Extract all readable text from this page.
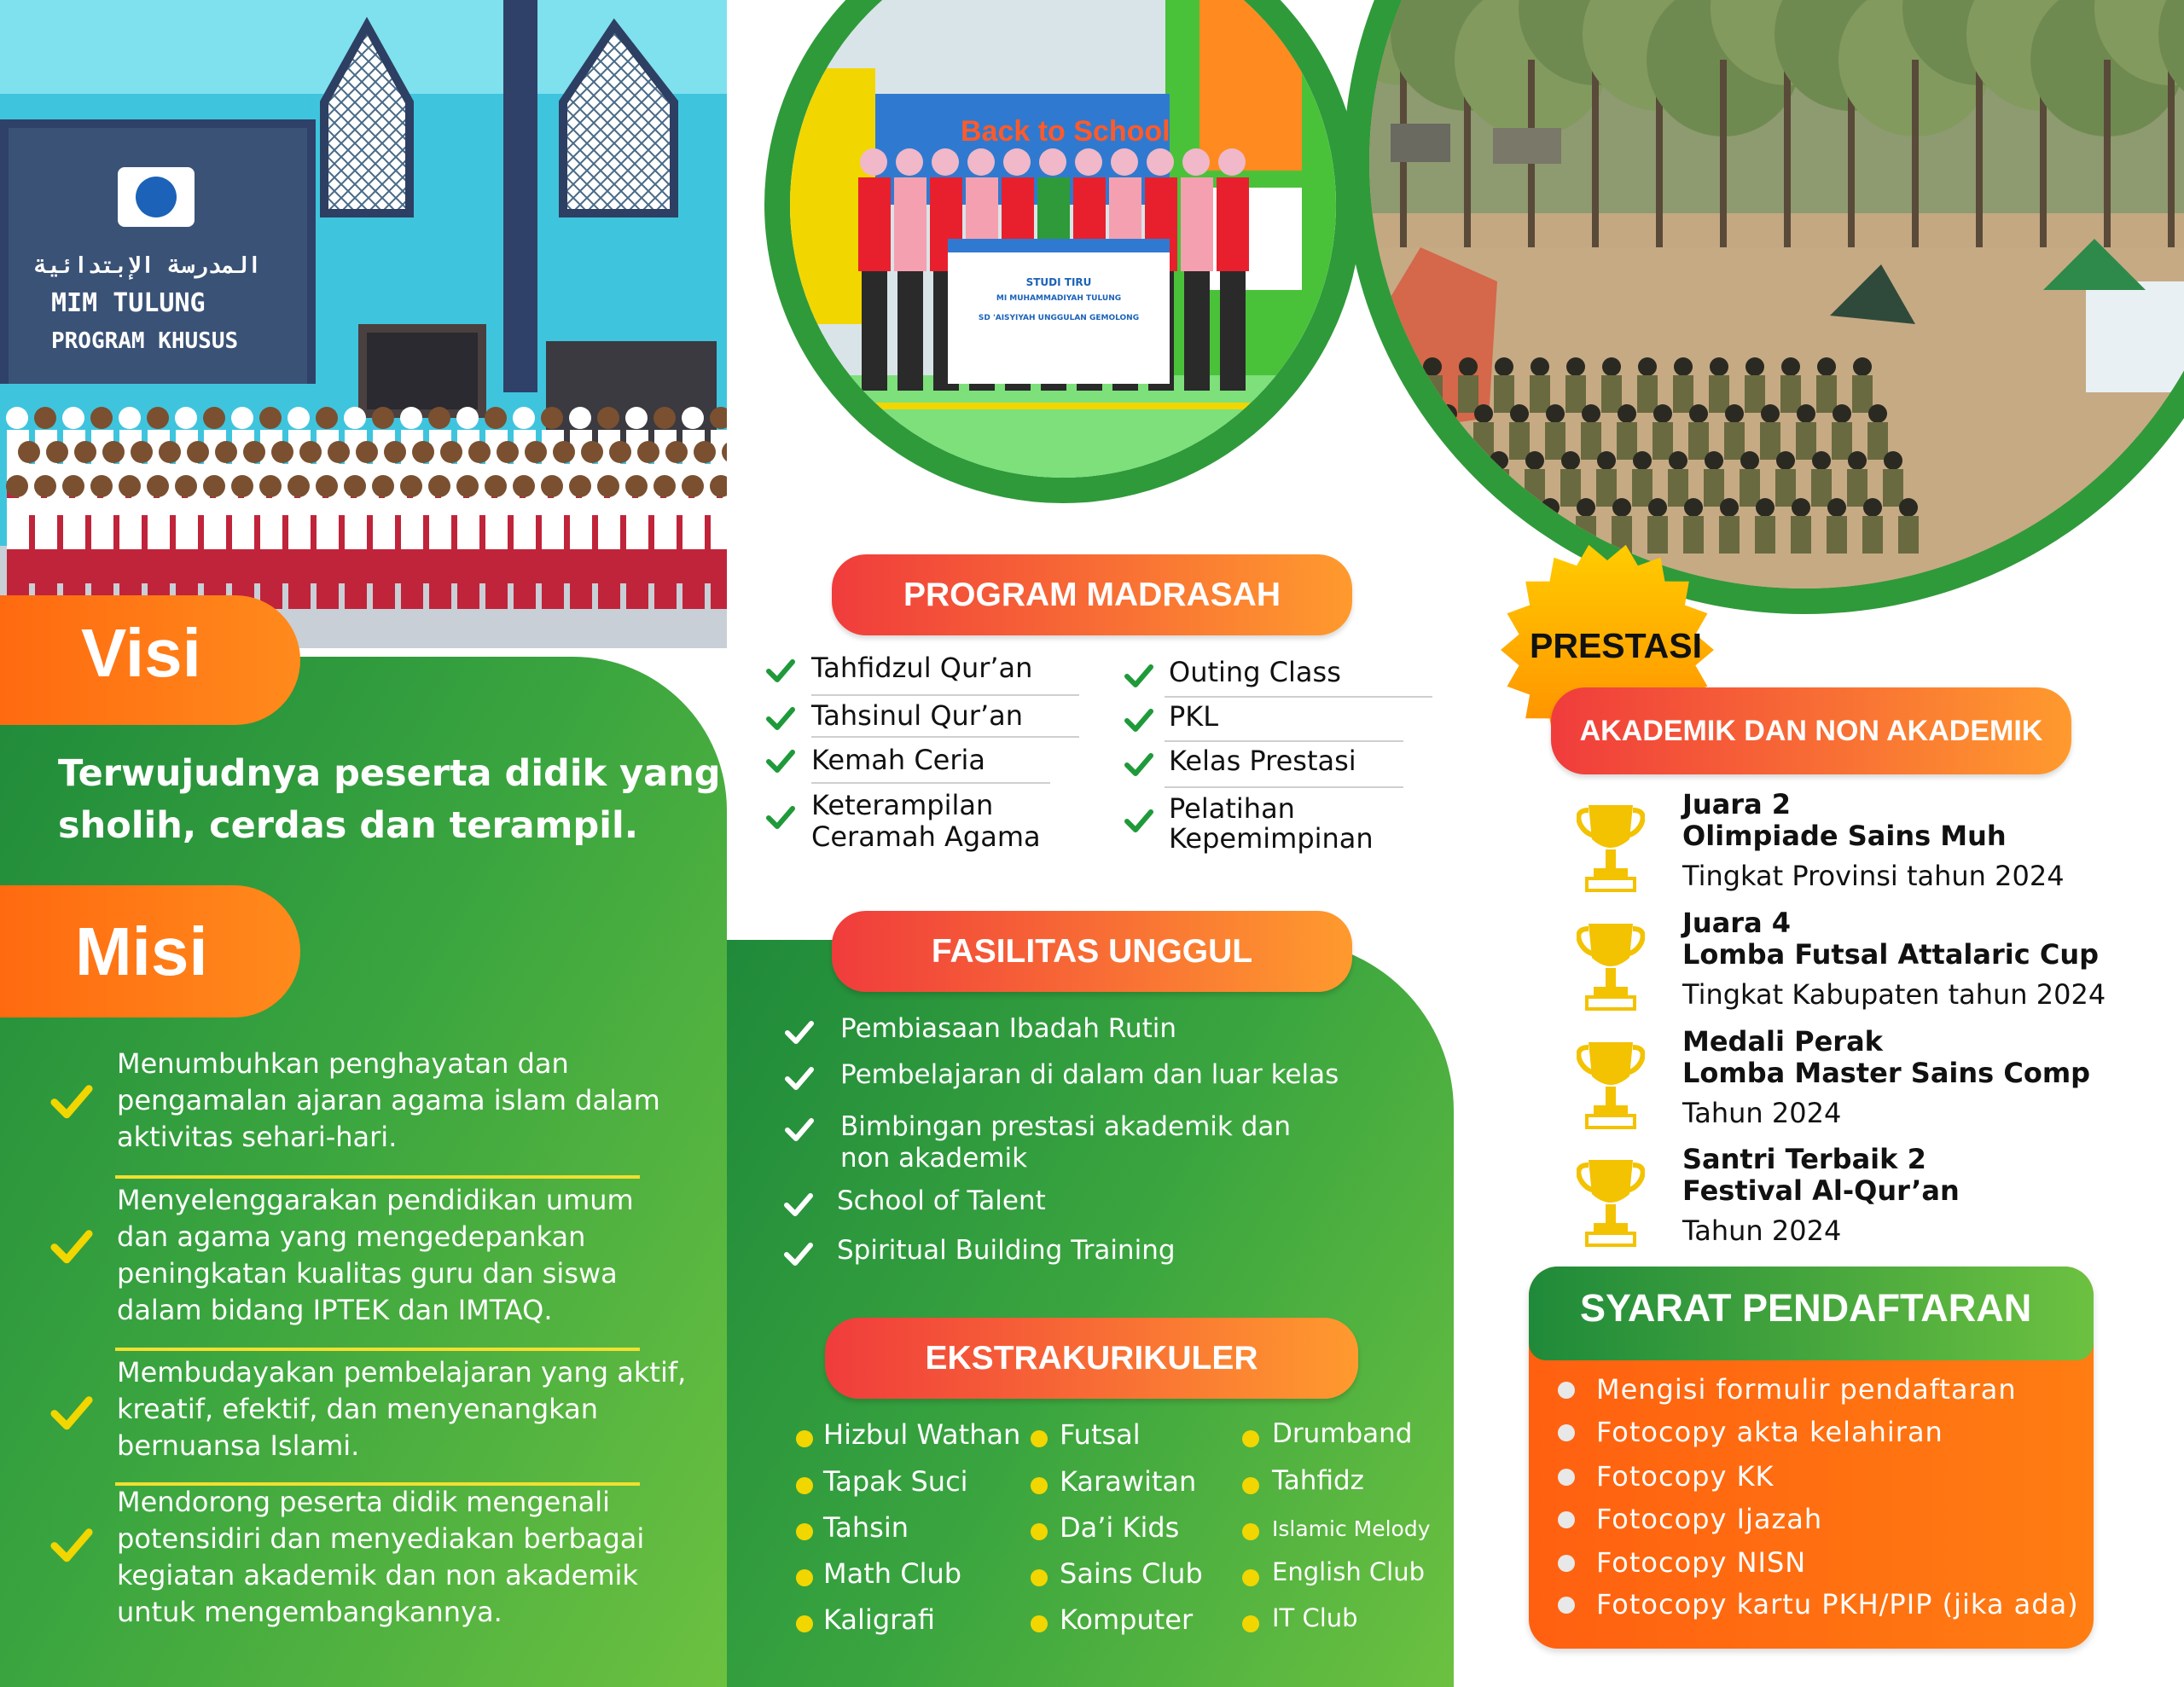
ﺍﻟﻤﺪﺭﺳﺔ ﺍﻹﺑﺘﺪﺍﺋﻴﺔ
MIM TULUNG
PROGRAM KHUSUS
Visi
Terwujudnya peserta didik yang
sholih, cerdas dan terampil.
Misi
Menumbuhkan penghayatan dan
pengamalan ajaran agama islam dalam
aktivitas sehari-hari.
Menyelenggarakan pendidikan umum
dan agama yang mengedepankan
peningkatan kualitas guru dan siswa
dalam bidang IPTEK dan IMTAQ.
Membudayakan pembelajaran yang aktif,
kreatif, efektif, dan menyenangkan
bernuansa Islami.
Mendorong peserta didik mengenali
potensidiri dan menyediakan berbagai
kegiatan akademik dan non akademik
untuk mengembangkannya.
Back to School
STUDI TIRU
MI MUHAMMADIYAH TULUNG
SD 'AISYIYAH UNGGULAN GEMOLONG
PROGRAM MADRASAH
Tahfidzul Qur’an
Tahsinul Qur’an
Kemah Ceria
Keterampilan
Ceramah Agama
Outing Class
PKL
Kelas Prestasi
Pelatihan
Kepemimpinan
FASILITAS UNGGUL
Pembiasaan Ibadah Rutin
Pembelajaran di dalam dan luar kelas
Bimbingan prestasi akademik dan
non akademik
School of Talent
Spiritual Building Training
EKSTRAKURIKULER
Hizbul Wathan
Tapak Suci
Tahsin
Math Club
Kaligrafi
Futsal
Karawitan
Da’i Kids
Sains Club
Komputer
Drumband
Tahfidz
Islamic Melody
English Club
IT Club
PRESTASI
AKADEMIK DAN NON AKADEMIK
Juara 2
Olimpiade Sains Muh
Tingkat Provinsi tahun 2024
Juara 4
Lomba Futsal Attalaric Cup
Tingkat Kabupaten tahun 2024
Medali Perak
Lomba Master Sains Comp
Tahun 2024
Santri Terbaik 2
Festival Al-Qur’an
Tahun 2024
SYARAT PENDAFTARAN
Mengisi formulir pendaftaran
Fotocopy akta kelahiran
Fotocopy KK
Fotocopy Ijazah
Fotocopy NISN
Fotocopy kartu PKH/PIP (jika ada)
